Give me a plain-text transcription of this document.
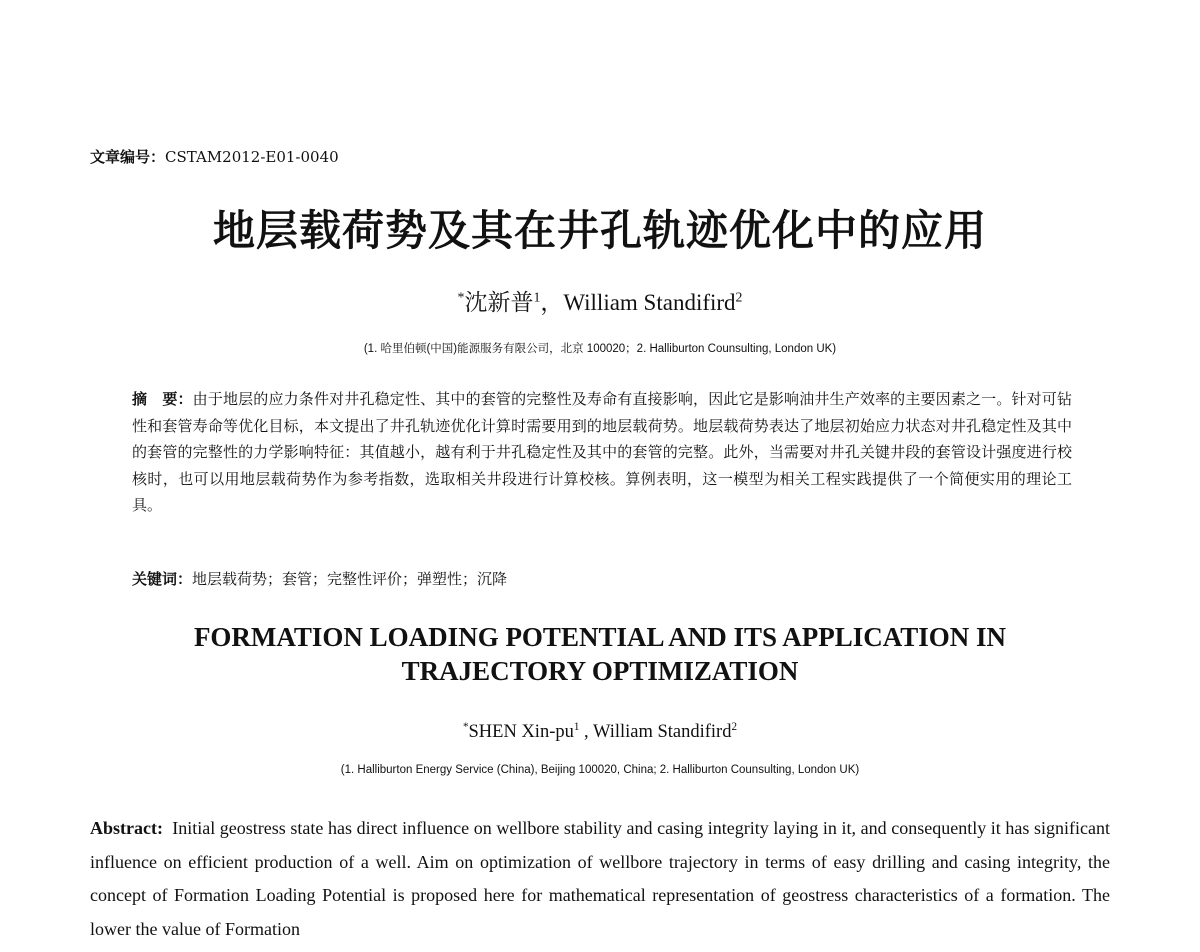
文章编号：CSTAM2012-E01-0040
地层载荷势及其在井孔轨迹优化中的应用
*沈新普$^1$，William Standifird$^2$
(1. 哈里伯顿(中国)能源服务有限公司，北京 100020；2. Halliburton Counsulting, London UK)
摘　要：由于地层的应力条件对井孔稳定性、其中的套管的完整性及寿命有直接影响，因此它是影响油井生产效率的主要因素之一。针对可钻性和套管寿命等优化目标，本文提出了井孔轨迹优化计算时需要用到的地层载荷势。地层载荷势表达了地层初始应力状态对井孔稳定性及其中的套管的完整性的力学影响特征：其值越小，越有利于井孔稳定性及其中的套管的完整。此外，当需要对井孔关键井段的套管设计强度进行校核时，也可以用地层载荷势作为参考指数，选取相关井段进行计算校核。算例表明，这一模型为相关工程实践提供了一个简便实用的理论工具。
关键词：地层载荷势；套管；完整性评价；弹塑性；沉降
FORMATION LOADING POTENTIAL AND ITS APPLICATION IN
TRAJECTORY OPTIMIZATION
*SHEN Xin-$pu^1$ , William Standifird$^2$
(1. Halliburton Energy Service (China), Beijing 100020, China; 2. Halliburton Counsulting, London UK)
Abstract: Initial geostress state has direct influence on wellbore stability and casing integrity laying in it, and consequently it has significant influence on efficient production of a well. Aim on optimization of wellbore trajectory in terms of easy drilling and casing integrity, the concept of Formation Loading Potential is proposed here for mathematical representation of geostress characteristics of a formation. The lower the value of Formation
